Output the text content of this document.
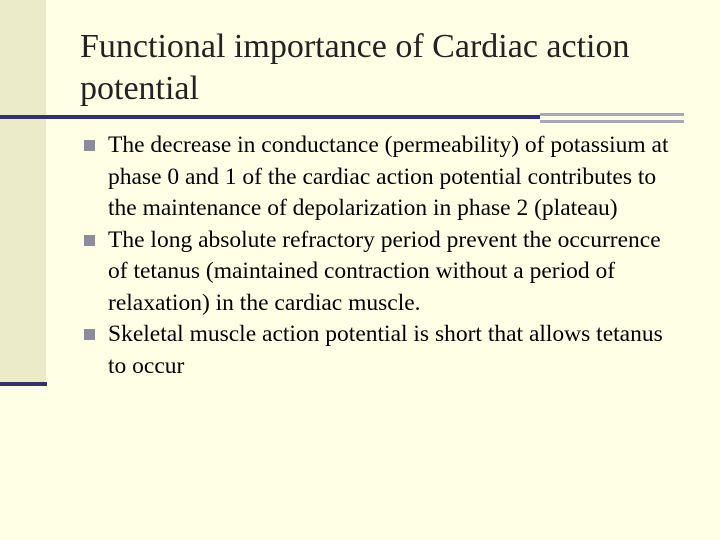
Functional importance of Cardiac action potential
The decrease in conductance (permeability) of potassium at phase 0 and 1 of the cardiac action potential contributes to the maintenance of depolarization in phase 2 (plateau)
The long absolute refractory period prevent the occurrence of tetanus (maintained contraction without a period of relaxation) in the cardiac muscle.
Skeletal muscle action potential is short that allows tetanus to occur
